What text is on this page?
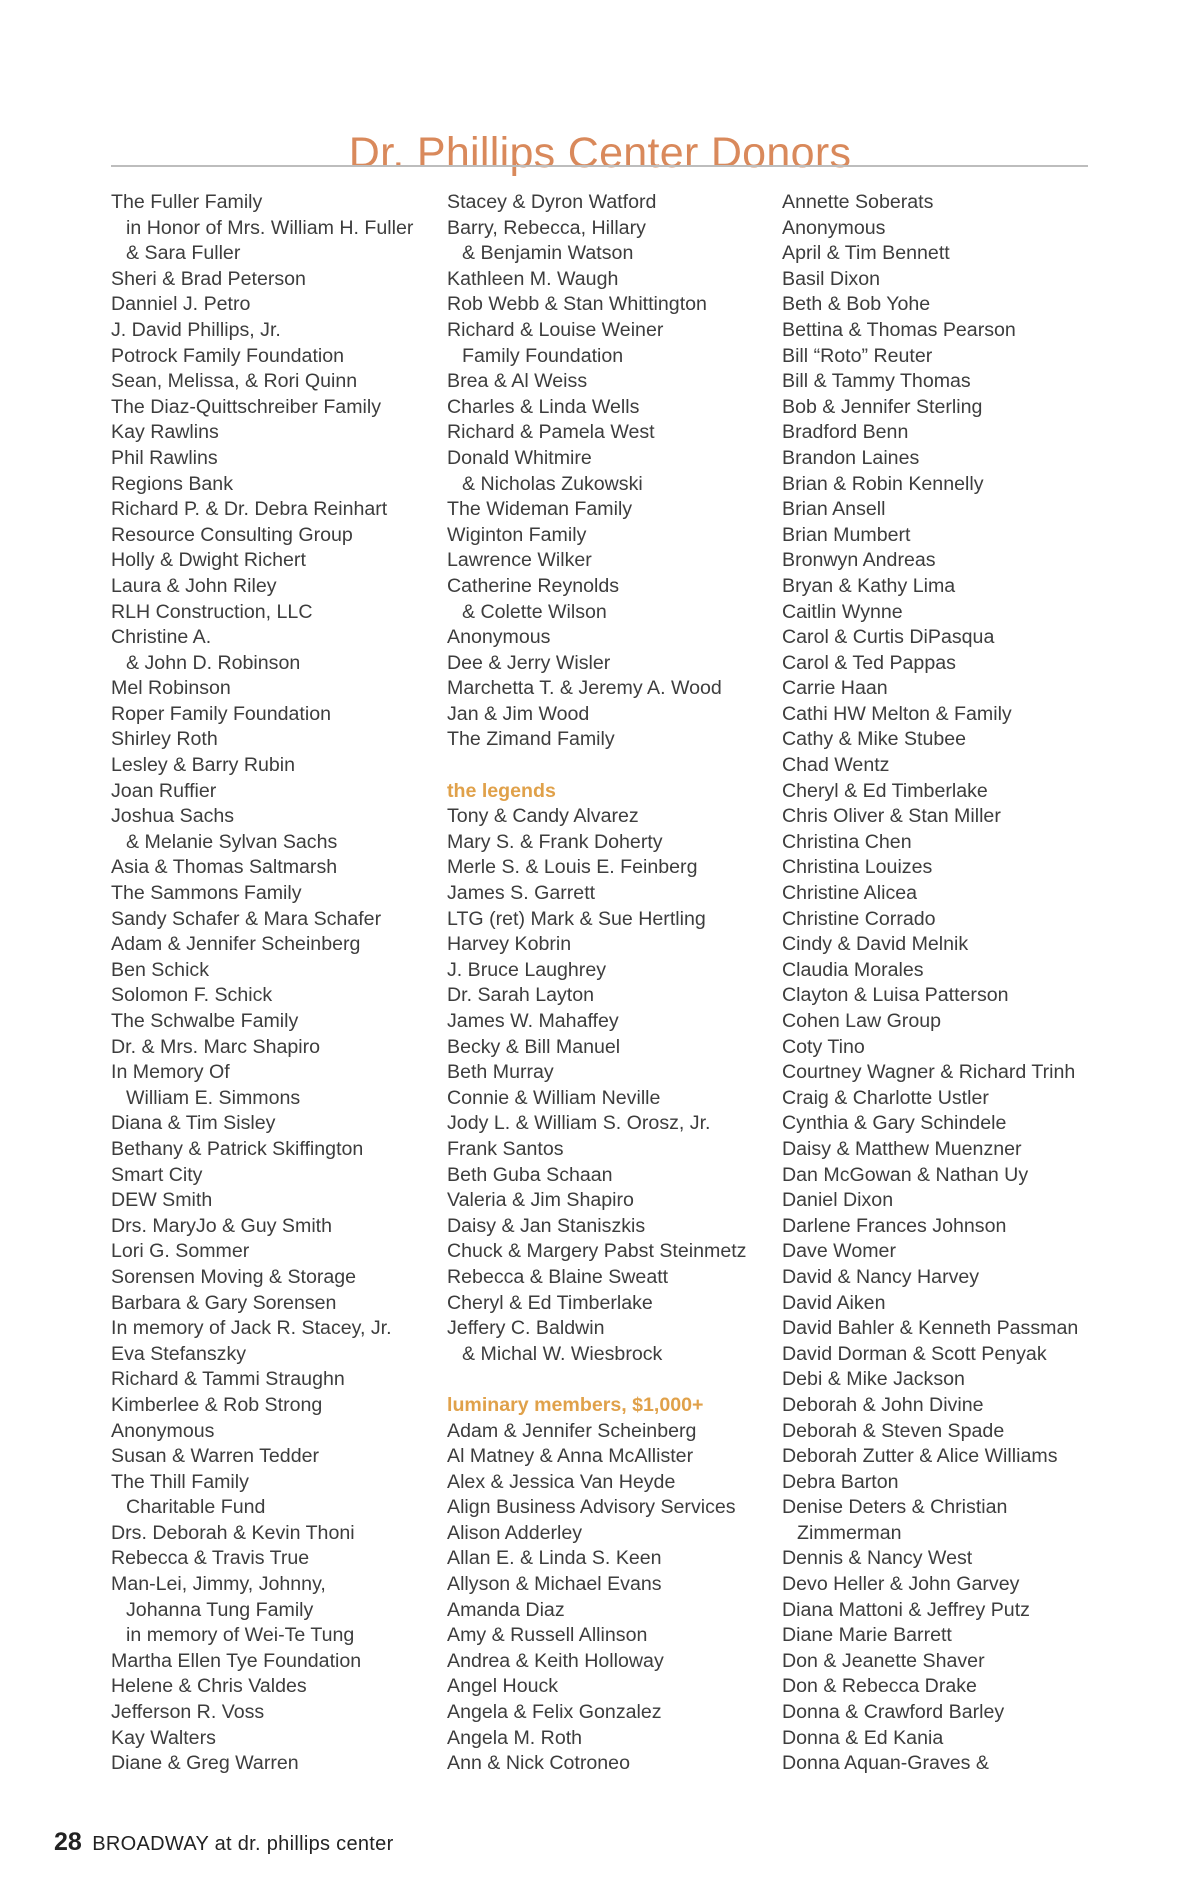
Dr. Phillips Center Donors
The Fuller Family
in Honor of Mrs. William H. Fuller
& Sara Fuller
Sheri & Brad Peterson
Danniel J. Petro
J. David Phillips, Jr.
Potrock Family Foundation
Sean, Melissa, & Rori Quinn
The Diaz-Quittschreiber Family
Kay Rawlins
Phil Rawlins
Regions Bank
Richard P. & Dr. Debra Reinhart
Resource Consulting Group
Holly & Dwight Richert
Laura & John Riley
RLH Construction, LLC
Christine A.
& John D. Robinson
Mel Robinson
Roper Family Foundation
Shirley Roth
Lesley & Barry Rubin
Joan Ruffier
Joshua Sachs
& Melanie Sylvan Sachs
Asia & Thomas Saltmarsh
The Sammons Family
Sandy Schafer & Mara Schafer
Adam & Jennifer Scheinberg
Ben Schick
Solomon F. Schick
The Schwalbe Family
Dr. & Mrs. Marc Shapiro
In Memory Of
William E. Simmons
Diana & Tim Sisley
Bethany & Patrick Skiffington
Smart City
DEW Smith
Drs. MaryJo & Guy Smith
Lori G. Sommer
Sorensen Moving & Storage
Barbara & Gary Sorensen
In memory of Jack R. Stacey, Jr.
Eva Stefanszky
Richard & Tammi Straughn
Kimberlee & Rob Strong
Anonymous
Susan & Warren Tedder
The Thill Family
Charitable Fund
Drs. Deborah & Kevin Thoni
Rebecca & Travis True
Man-Lei, Jimmy, Johnny,
Johanna Tung Family
in memory of Wei-Te Tung
Martha Ellen Tye Foundation
Helene & Chris Valdes
Jefferson R. Voss
Kay Walters
Diane & Greg Warren
Stacey & Dyron Watford
Barry, Rebecca, Hillary
& Benjamin Watson
Kathleen M. Waugh
Rob Webb & Stan Whittington
Richard & Louise Weiner
Family Foundation
Brea & Al Weiss
Charles & Linda Wells
Richard & Pamela West
Donald Whitmire
& Nicholas Zukowski
The Wideman Family
Wiginton Family
Lawrence Wilker
Catherine Reynolds
& Colette Wilson
Anonymous
Dee & Jerry Wisler
Marchetta T. & Jeremy A. Wood
Jan & Jim Wood
The Zimand Family
the legends
Tony & Candy Alvarez
Mary S. & Frank Doherty
Merle S. & Louis E. Feinberg
James S. Garrett
LTG (ret) Mark & Sue Hertling
Harvey Kobrin
J. Bruce Laughrey
Dr. Sarah Layton
James W. Mahaffey
Becky & Bill Manuel
Beth Murray
Connie & William Neville
Jody L. & William S. Orosz, Jr.
Frank Santos
Beth Guba Schaan
Valeria & Jim Shapiro
Daisy & Jan Staniszkis
Chuck & Margery Pabst Steinmetz
Rebecca & Blaine Sweatt
Cheryl & Ed Timberlake
Jeffery C. Baldwin
& Michal W. Wiesbrock
luminary members, $1,000+
Adam & Jennifer Scheinberg
Al Matney & Anna McAllister
Alex & Jessica Van Heyde
Align Business Advisory Services
Alison Adderley
Allan E. & Linda S. Keen
Allyson & Michael Evans
Amanda Diaz
Amy & Russell Allinson
Andrea & Keith Holloway
Angel Houck
Angela & Felix Gonzalez
Angela M. Roth
Ann & Nick Cotroneo
Annette Soberats
Anonymous
April & Tim Bennett
Basil Dixon
Beth & Bob Yohe
Bettina & Thomas Pearson
Bill “Roto” Reuter
Bill & Tammy Thomas
Bob & Jennifer Sterling
Bradford Benn
Brandon Laines
Brian & Robin Kennelly
Brian Ansell
Brian Mumbert
Bronwyn Andreas
Bryan & Kathy Lima
Caitlin Wynne
Carol & Curtis DiPasqua
Carol & Ted Pappas
Carrie Haan
Cathi HW Melton & Family
Cathy & Mike Stubee
Chad Wentz
Cheryl & Ed Timberlake
Chris Oliver & Stan Miller
Christina Chen
Christina Louizes
Christine Alicea
Christine Corrado
Cindy & David Melnik
Claudia Morales
Clayton & Luisa Patterson
Cohen Law Group
Coty Tino
Courtney Wagner & Richard Trinh
Craig & Charlotte Ustler
Cynthia & Gary Schindele
Daisy & Matthew Muenzner
Dan McGowan & Nathan Uy
Daniel Dixon
Darlene Frances Johnson
Dave Womer
David & Nancy Harvey
David Aiken
David Bahler & Kenneth Passman
David Dorman & Scott Penyak
Debi & Mike Jackson
Deborah & John Divine
Deborah & Steven Spade
Deborah Zutter & Alice Williams
Debra Barton
Denise Deters & Christian
Zimmerman
Dennis & Nancy West
Devo Heller & John Garvey
Diana Mattoni & Jeffrey Putz
Diane Marie Barrett
Don & Jeanette Shaver
Don & Rebecca Drake
Donna & Crawford Barley
Donna & Ed Kania
Donna Aquan-Graves &
28 BROADWAY at dr. phillips center
